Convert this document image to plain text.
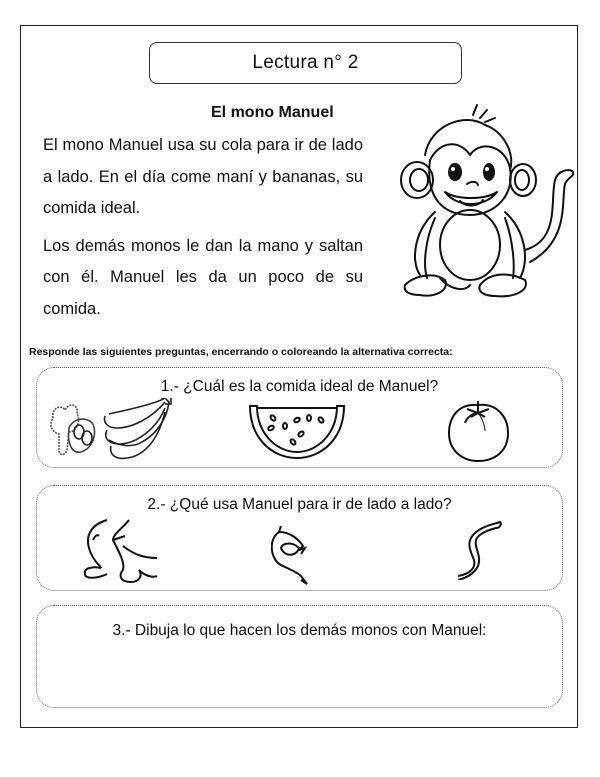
Lectura n° 2
El mono Manuel

El mono Manuel usa su cola para ir de lado a lado. En el día come maní y bananas, su comida ideal.

Los demás monos le dan la mano y saltan con él. Manuel les da un poco de su comida.

Responde las siguientes preguntas, encerrando o coloreando la alternativa correcta:
1.- ¿Cuál es la comida ideal de Manuel?
2.- ¿Qué usa Manuel para ir de lado a lado?
3.- Dibuja lo que hacen los demás monos con Manuel:
